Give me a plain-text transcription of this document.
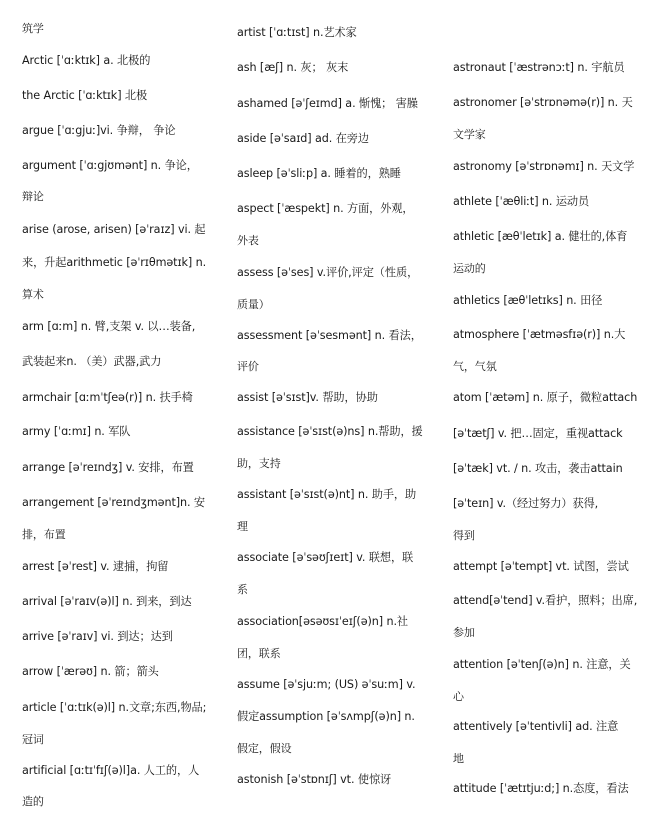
筑学
Arctic [ˈɑːktɪk] a. 北极的
the Arctic [ˈɑːktɪk] 北极
argue [ˈɑːgjuː]vi. 争辩， 争论
argument [ˈɑːgjʊmənt] n. 争论，
辩论
arise (arose, arisen) [əˈraɪz] vi. 起
来，升起arithmetic [əˈrɪθmətɪk] n.
算术
arm [ɑːm] n. 臂,支架 v. 以…装备,
武装起来n. （美）武器,武力
armchair [ɑːmˈtʃeə(r)] n. 扶手椅
army [ˈɑːmɪ] n. 军队
arrange [əˈreɪndʒ] v. 安排，布置
arrangement [əˈreɪndʒmənt]n. 安
排，布置
arrest [əˈrest] v. 逮捕，拘留
arrival [əˈraɪv(ə)l] n. 到来，到达
arrive [əˈraɪv] vi. 到达；达到
arrow [ˈærəʊ] n. 箭；箭头
article [ˈɑːtɪk(ə)l] n.文章;东西,物品;
冠词
artificial [ɑːtɪˈfɪʃ(ə)l]a. 人工的，人
造的
artist [ˈɑːtɪst] n.艺术家
ash [æʃ] n. 灰； 灰末
ashamed [əˈʃeɪmd] a. 惭愧； 害臊
aside [əˈsaɪd] ad. 在旁边
asleep [əˈsliːp] a. 睡着的，熟睡
aspect [ˈæspekt] n. 方面，外观，
外表
assess [əˈses] v.评价,评定（性质，
质量）
assessment [əˈsesmənt] n. 看法，
评价
assist [əˈsɪst]v. 帮助，协助
assistance [əˈsɪst(ə)ns] n.帮助，援
助，支持
assistant [əˈsɪst(ə)nt] n. 助手，助
理
associate [əˈsəʊʃɪeɪt] v. 联想，联
系
association[əsəʊsɪˈeɪʃ(ə)n] n.社
团，联系
assume [əˈsjuːm; (US) əˈsuːm] v.
假定assumption [əˈsʌmpʃ(ə)n] n.
假定，假设
astonish [əˈstɒnɪʃ] vt. 使惊讶
astronaut [ˈæstrənɔːt] n. 宇航员
astronomer [əˈstrɒnəmə(r)] n. 天
文学家
astronomy [əˈstrɒnəmɪ] n. 天文学
athlete [ˈæθliːt] n. 运动员
athletic [æθˈletɪk] a. 健壮的,体育
运动的
athletics [æθˈletɪks] n. 田径
atmosphere [ˈætməsfɪə(r)] n.大
气，气氛
atom [ˈætəm] n. 原子，微粒attach
[əˈtætʃ] v. 把…固定，重视attack
[əˈtæk] vt. / n. 攻击，袭击attain
[əˈteɪn] v.（经过努力）获得,
得到
attempt [əˈtempt] vt. 试图，尝试
attend[əˈtend] v.看护，照料；出席,
参加
attention [əˈtenʃ(ə)n] n. 注意，关
心
attentively [əˈtentivli] ad. 注意
地
attitude [ˈætɪtjuːd;] n.态度，看法
